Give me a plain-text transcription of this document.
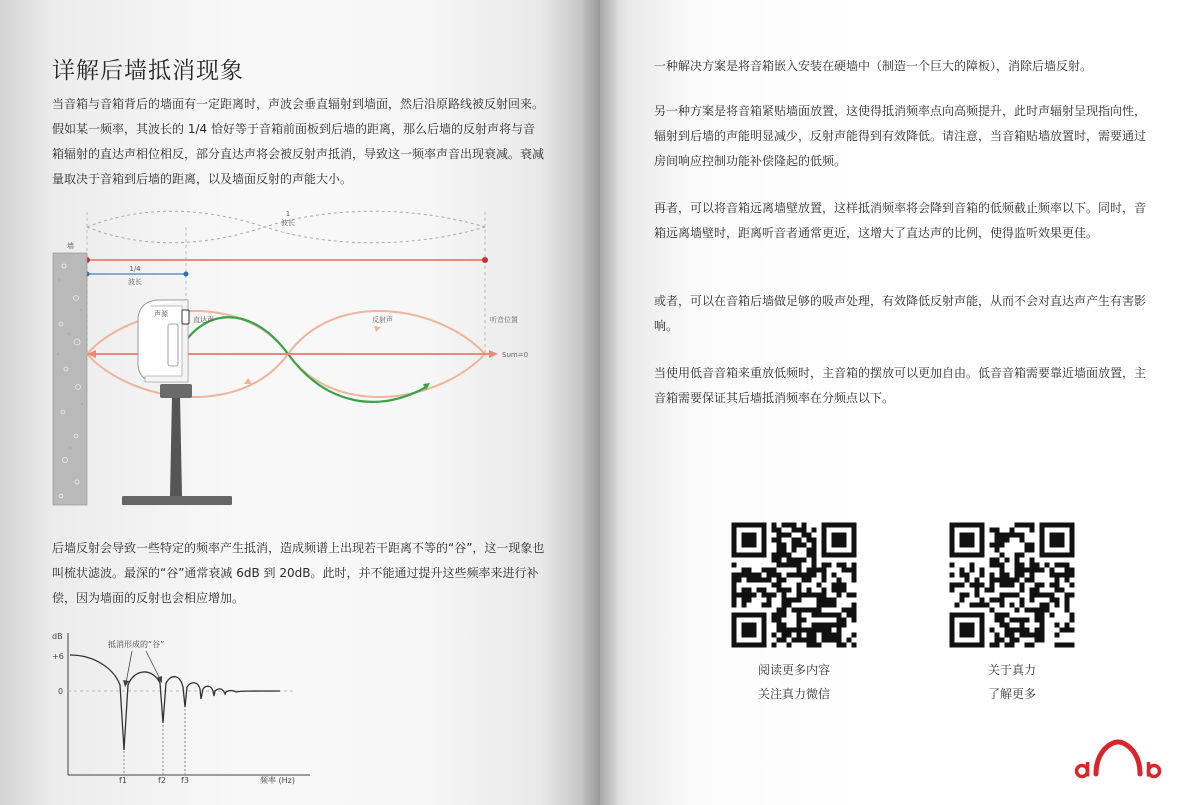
详解后墙抵消现象

当音箱与音箱背后的墙面有一定距离时，声波会垂直辐射到墙面，然后沿原路线被反射回来。假如某一频率，其波长的 1/4 恰好等于音箱前面板到后墙的距离，那么后墙的反射声将与音箱辐射的直达声相位相反，部分直达声将会被反射声抵消，导致这一频率声音出现衰减。衰减量取决于音箱到后墙的距离，以及墙面反射的声能大小。

1
波长
1/4
波长
墙
声源
直达声	反射声	听音位置
Sum=0

后墙反射会导致一些特定的频率产生抵消，造成频谱上出现若干距离不等的“谷”，这一现象也叫梳状滤波。最深的“谷”通常衰减 6dB 到 20dB。此时，并不能通过提升这些频率来进行补偿，因为墙面的反射也会相应增加。

dB
+6
0
抵消形成的“谷”
f1	f2 f3	频率 (Hz)

一种解决方案是将音箱嵌入安装在硬墙中（制造一个巨大的障板），消除后墙反射。

另一种方案是将音箱紧贴墙面放置，这使得抵消频率点向高频提升，此时声辐射呈现指向性，辐射到后墙的声能明显减少，反射声能得到有效降低。请注意，当音箱贴墙放置时，需要通过房间响应控制功能补偿隆起的低频。

再者，可以将音箱远离墙壁放置，这样抵消频率将会降到音箱的低频截止频率以下。同时，音箱远离墙壁时，距离听音者通常更近，这增大了直达声的比例，使得监听效果更佳。

或者，可以在音箱后墙做足够的吸声处理，有效降低反射声能，从而不会对直达声产生有害影响。

当使用低音音箱来重放低频时，主音箱的摆放可以更加自由。低音音箱需要靠近墙面放置，主音箱需要保证其后墙抵消频率在分频点以下。

阅读更多内容

关注真力微信

关于真力

了解更多
